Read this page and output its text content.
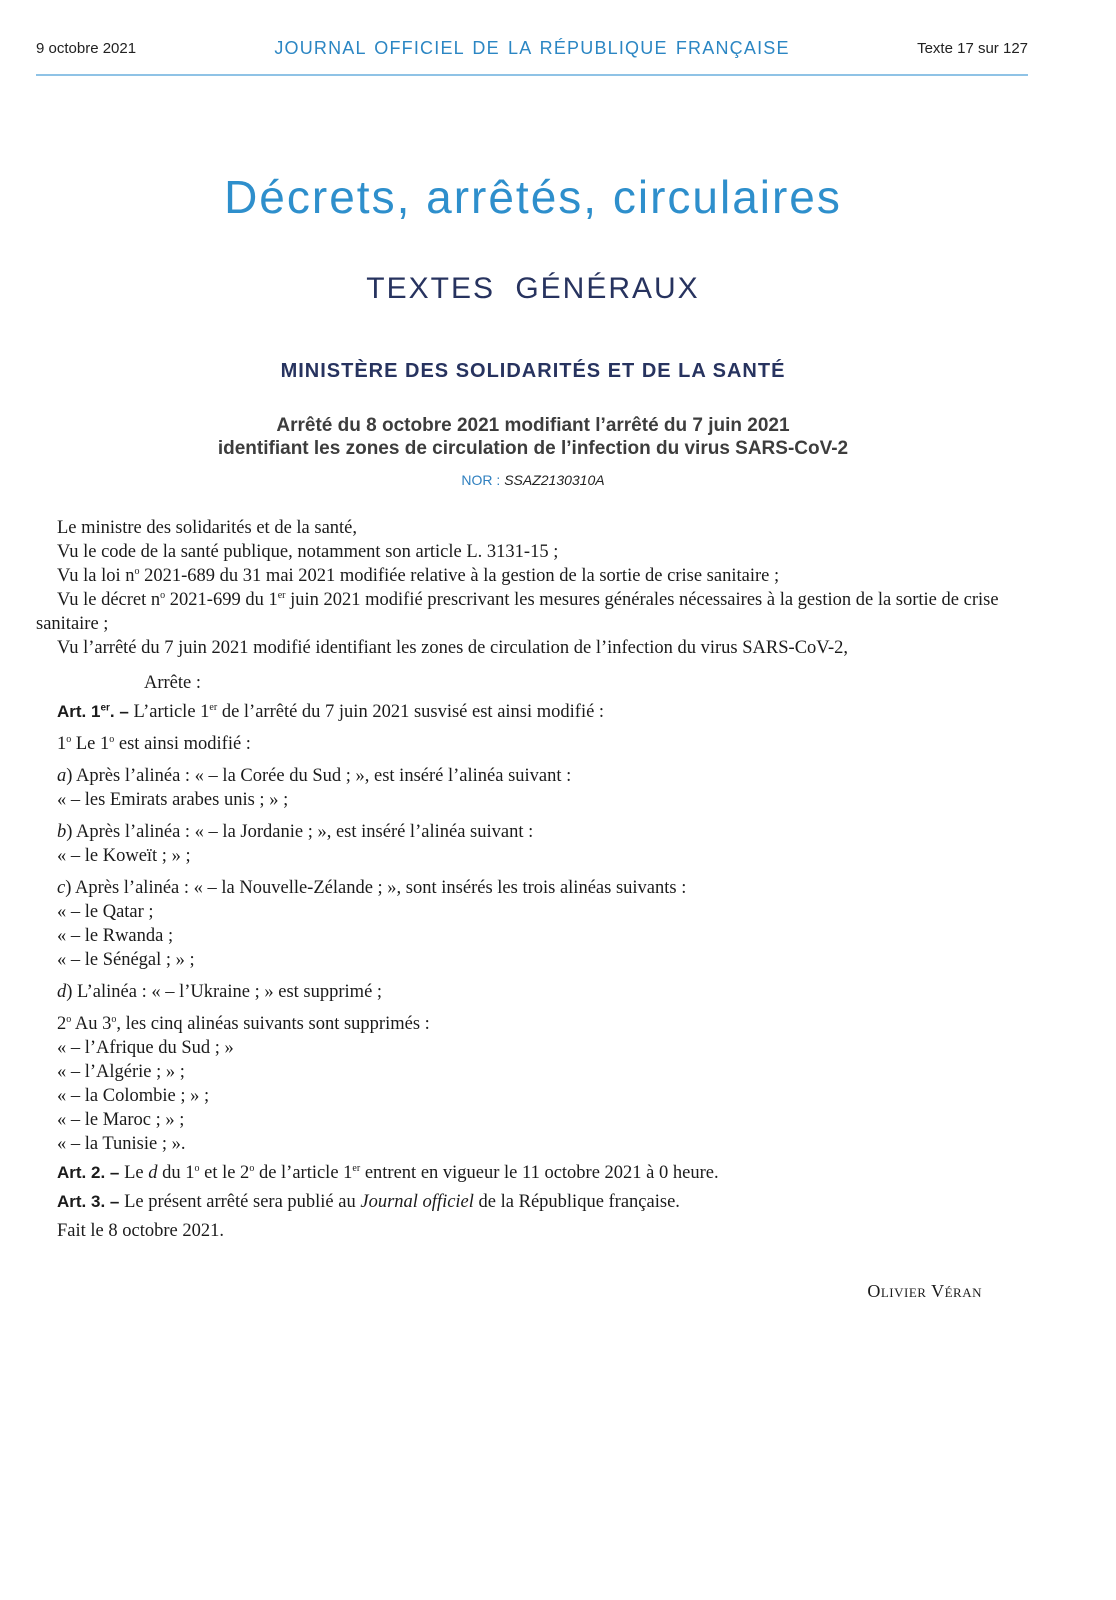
9 octobre 2021	JOURNAL OFFICIEL DE LA RÉPUBLIQUE FRANÇAISE	Texte 17 sur 127
Décrets, arrêtés, circulaires
TEXTES GÉNÉRAUX
MINISTÈRE DES SOLIDARITÉS ET DE LA SANTÉ
Arrêté du 8 octobre 2021 modifiant l’arrêté du 7 juin 2021
identifiant les zones de circulation de l’infection du virus SARS-CoV-2
NOR : SSAZ2130310A

Le ministre des solidarités et de la santé,

Vu le code de la santé publique, notamment son article L. 3131-15 ;

Vu la loi $n^o$ 2021-689 du 31 mai 2021 modifiée relative à la gestion de la sortie de crise sanitaire ;

Vu le décret $n^o$ 2021-699 du 1er juin 2021 modifié prescrivant les mesures générales nécessaires à la gestion de la sortie de crise sanitaire ;

Vu l’arrêté du 7 juin 2021 modifié identifiant les zones de circulation de l’infection du virus SARS-CoV-2,

Arrête :

Art. 1er. – L’article 1er de l’arrêté du 7 juin 2021 susvisé est ainsi modifié :

1$^o$ Le 1$^o$ est ainsi modifié :

a) Après l’alinéa : « – la Corée du Sud ; », est inséré l’alinéa suivant :

« – les Emirats arabes unis ; » ;

b) Après l’alinéa : « – la Jordanie ; », est inséré l’alinéa suivant :

« – le Koweït ; » ;

c) Après l’alinéa : « – la Nouvelle-Zélande ; », sont insérés les trois alinéas suivants :

« – le Qatar ;

« – le Rwanda ;

« – le Sénégal ; » ;

d) L’alinéa : « – l’Ukraine ; » est supprimé ;

2$^o$ Au 3$^o$, les cinq alinéas suivants sont supprimés :

« – l’Afrique du Sud ; »

« – l’Algérie ; » ;

« – la Colombie ; » ;

« – le Maroc ; » ;

« – la Tunisie ; ».

Art. 2. – Le d du 1$^o$ et le 2$^o$ de l’article 1er entrent en vigueur le 11 octobre 2021 à 0 heure.

Art. 3. – Le présent arrêté sera publié au Journal officiel de la République française.

Fait le 8 octobre 2021.

Olivier Véran
